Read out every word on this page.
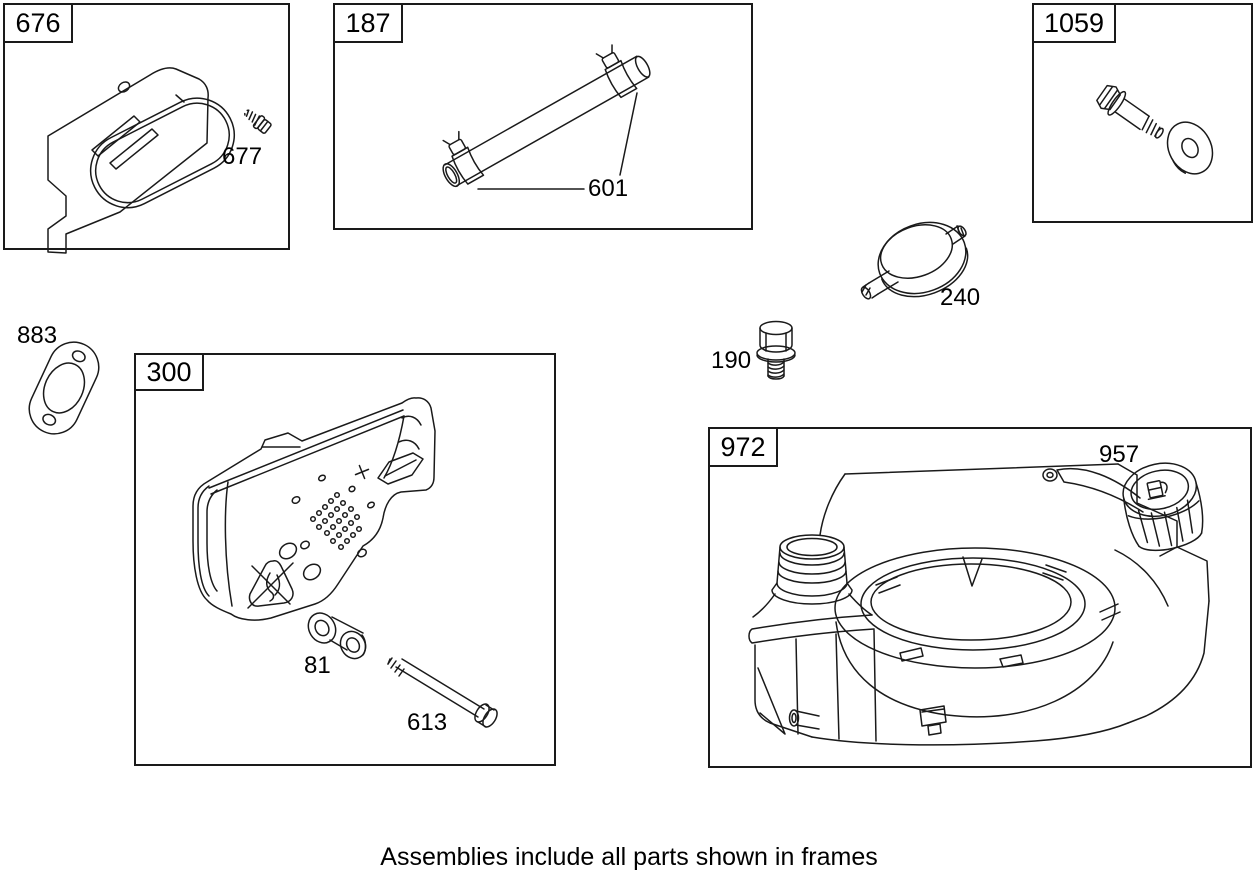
676	187	1059
300
972
677
601
883
240
190
957
81
613
Assemblies include all parts shown in frames
